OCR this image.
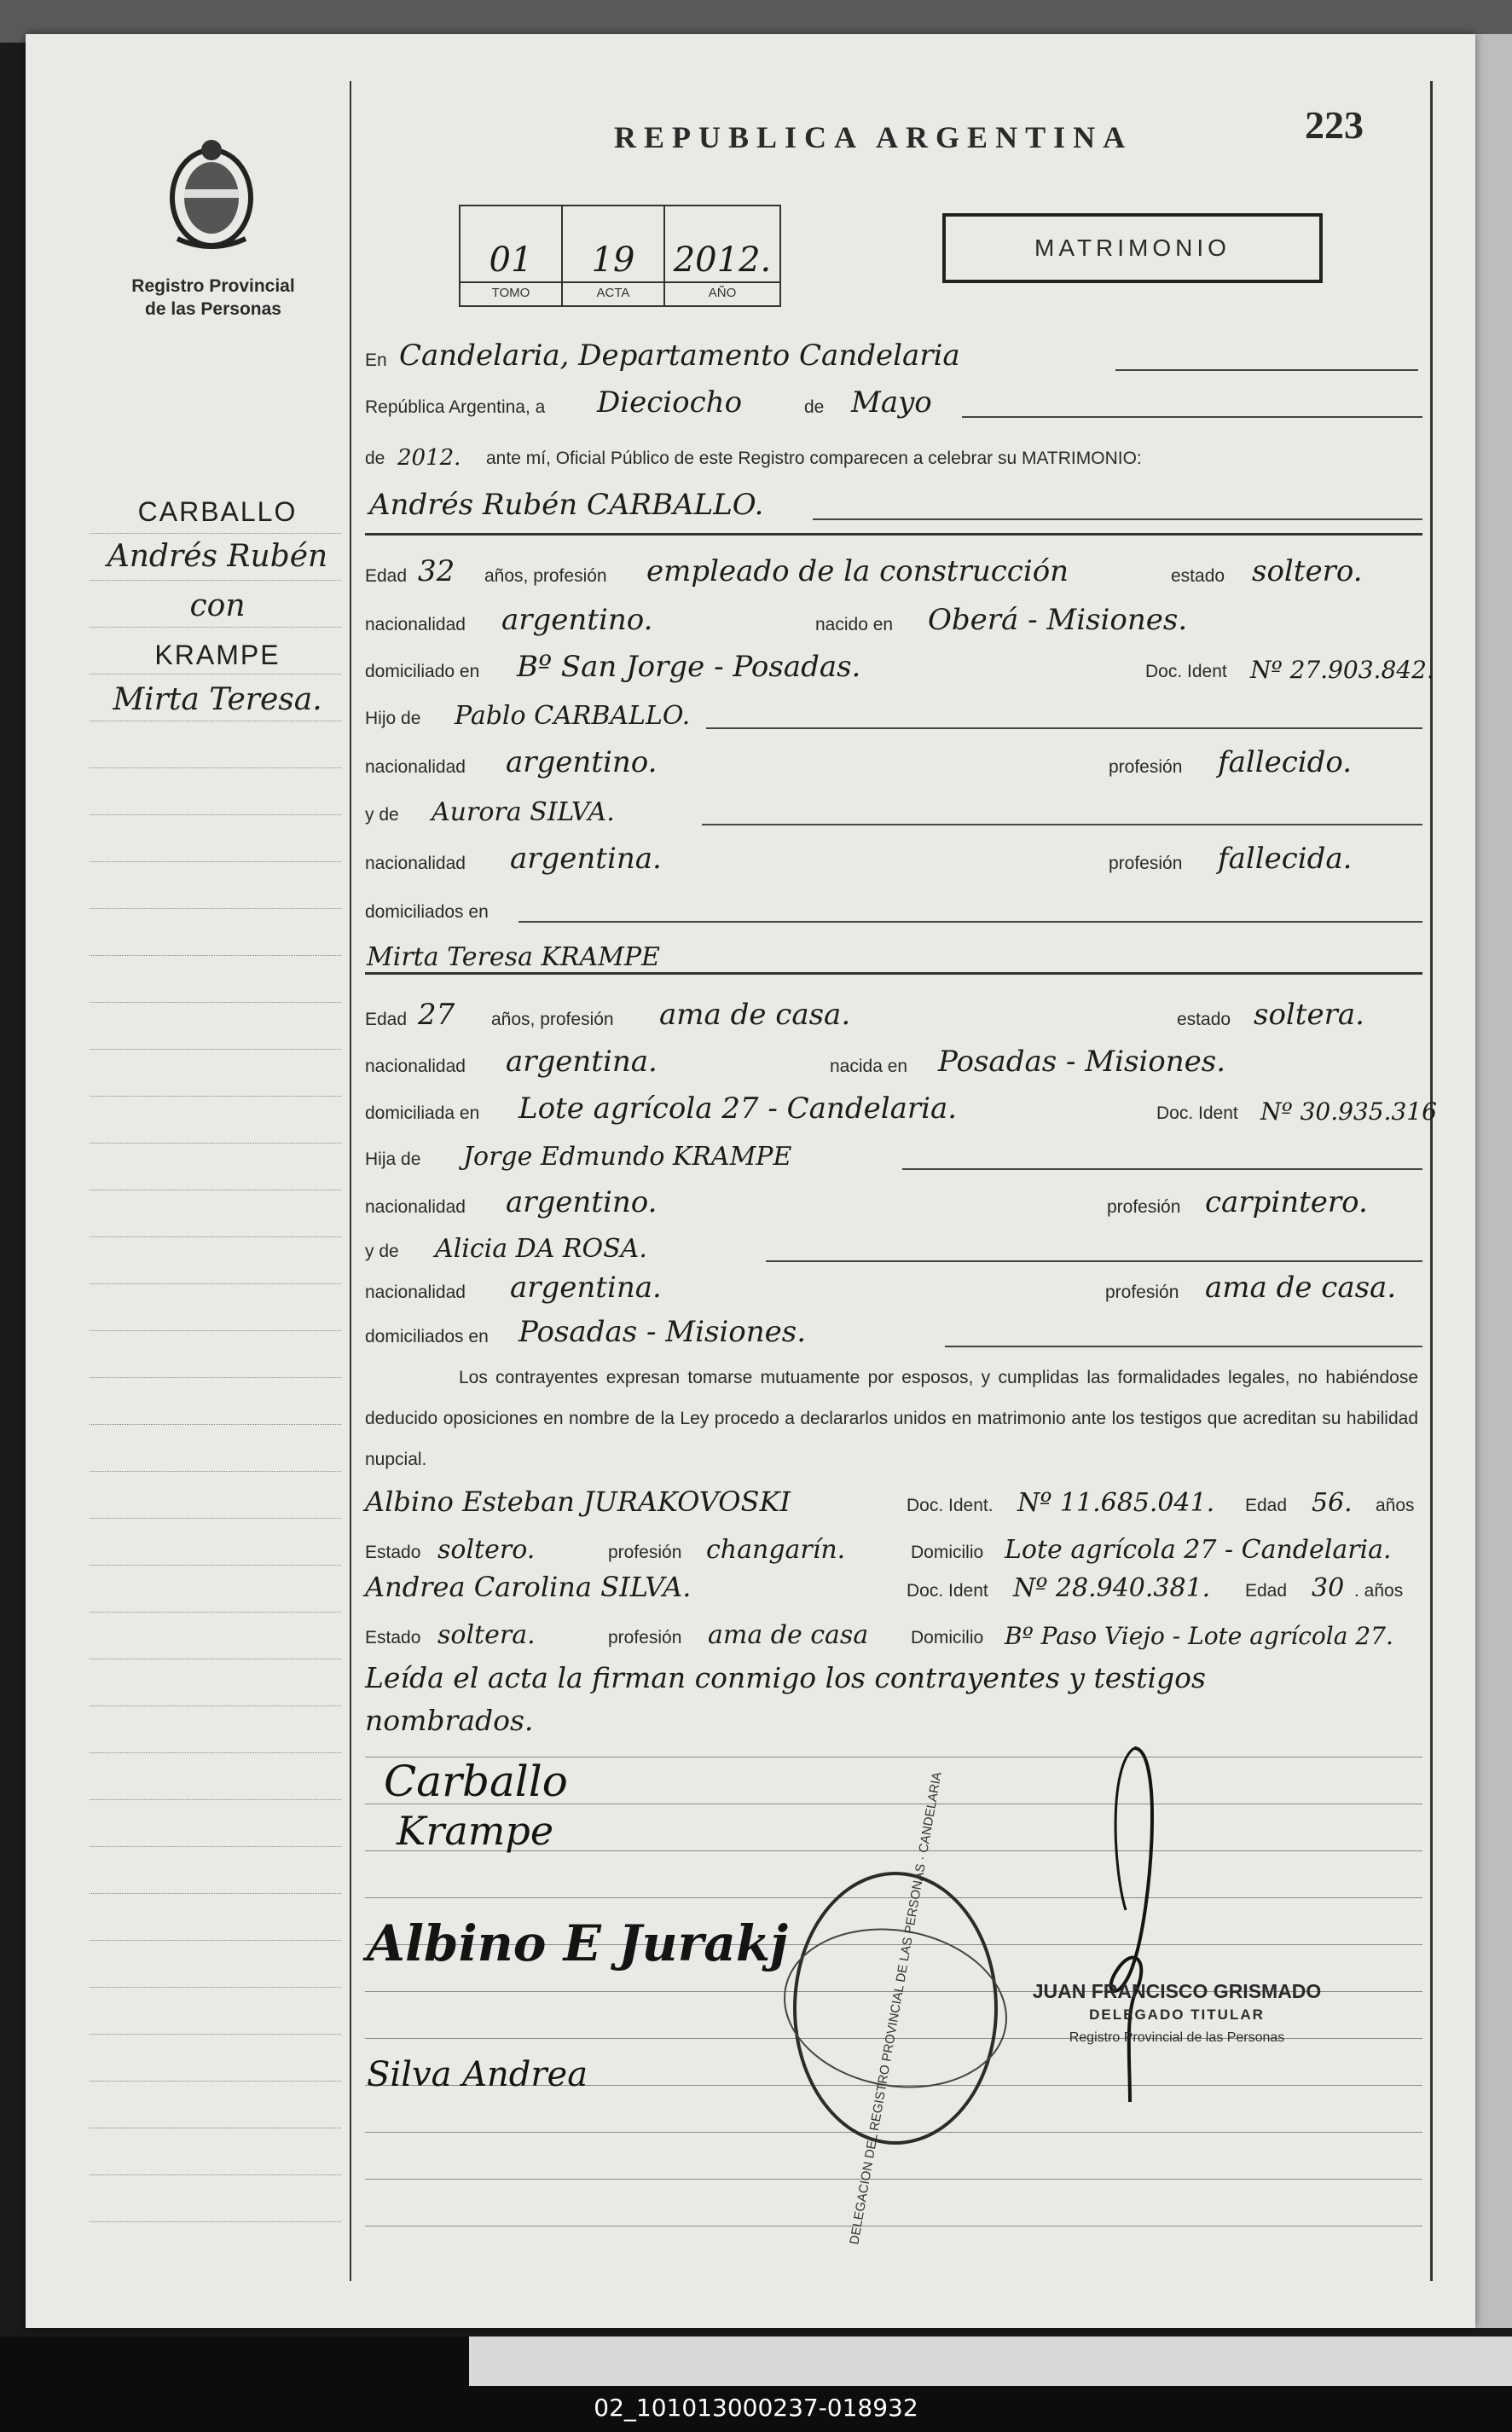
Registro Provincial
de las Personas
REPUBLICA ARGENTINA	223
01
TOMO
19
ACTA
2012.
AÑO
MATRIMONIO
CARBALLO
Andrés Rubén
con
KRAMPE
Mirta Teresa.
En Candelaria, Departamento Candelaria
República Argentina, a Dieciocho	de Mayo
de 2012. ante mí, Oficial Público de este Registro comparecen a celebrar su MATRIMONIO:
Andrés Rubén CARBALLO.
Edad 32 años, profesión empleado de la construcción	estado soltero.
nacionalidad argentino.	nacido en Oberá - Misiones.
domiciliado en Bº San Jorge - Posadas.	Doc. Ident Nº 27.903.842.
Hijo de Pablo CARBALLO.
nacionalidad argentino.	profesión fallecido.
y de Aurora SILVA.
nacionalidad argentina.	profesión fallecida.
domiciliados en
Mirta Teresa KRAMPE
Edad 27 años, profesión ama de casa.	estado soltera.
nacionalidad argentina.	nacida en Posadas - Misiones.
domiciliada en Lote agrícola 27 - Candelaria.	Doc. Ident Nº 30.935.316
Hija de Jorge Edmundo KRAMPE
nacionalidad argentino.	profesión carpintero.
y de Alicia DA ROSA.
nacionalidad argentina.	profesión ama de casa.
domiciliados en Posadas - Misiones.
Los contrayentes expresan tomarse mutuamente por esposos, y cumplidas las formalidades legales, no habiéndose deducido oposiciones en nombre de la Ley procedo a declararlos unidos en matrimonio ante los testigos que acreditan su habilidad nupcial.
Albino Esteban JURAKOVOSKI	Doc. Ident. Nº 11.685.041. Edad 56. años
Estado soltero.	profesión changarín.	Domicilio Lote agrícola 27 - Candelaria.
Andrea Carolina SILVA.	Doc. Ident Nº 28.940.381. Edad 30 . años
Estado soltera.	profesión ama de casa Domicilio Bº Paso Viejo - Lote agrícola 27.
Leída el acta la firman conmigo los contrayentes y testigos
nombrados.
Carballo
Krampe
Albino E Jurakj
Silva Andrea	DELEGACION DEL REGISTRO PROVINCIAL DE LAS PERSONAS · CANDELARIA	JUAN FRANCISCO GRISMADO
DELEGADO TITULAR
Registro Provincial de las Personas
02_101013000237-018932
